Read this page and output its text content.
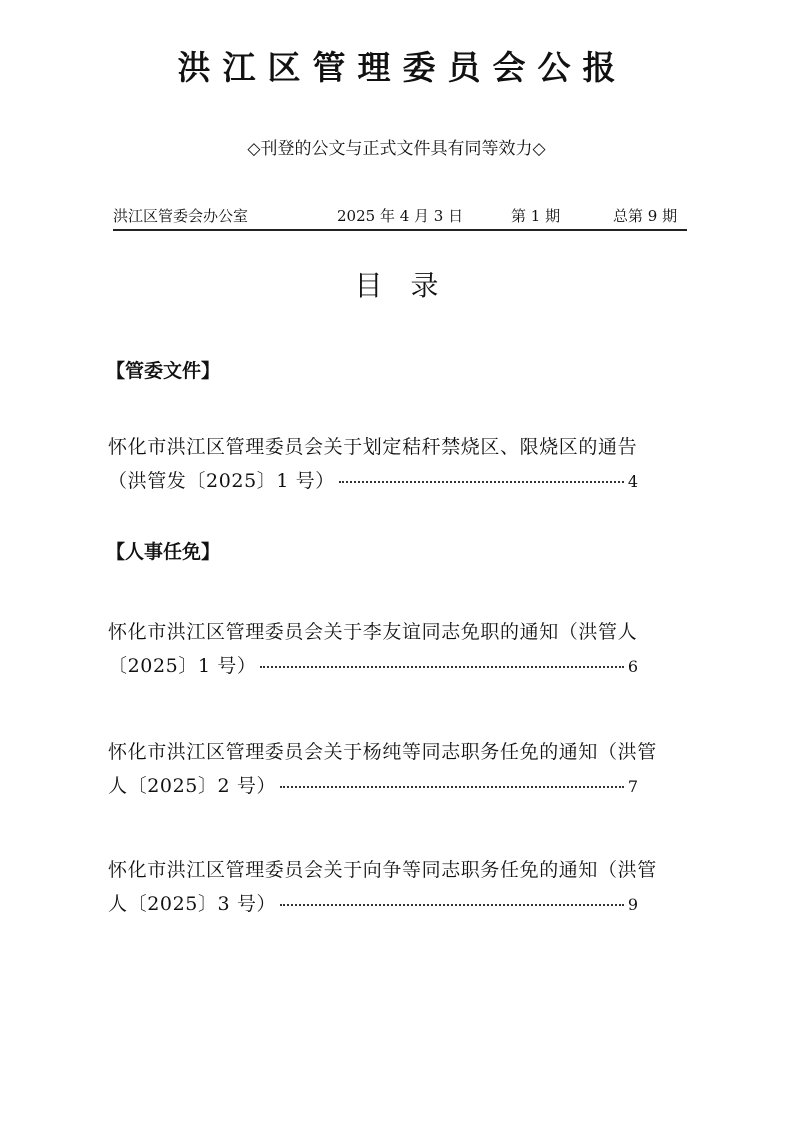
洪江区管理委员会公报
◇刊登的公文与正式文件具有同等效力◇
洪江区管委会办公室	2025 年 4 月 3 日	第 1 期	总第 9 期
目录
【管委文件】
怀化市洪江区管理委员会关于划定秸秆禁烧区、限烧区的通告
（洪管发〔2025〕1 号）	4
【人事任免】
怀化市洪江区管理委员会关于李友谊同志免职的通知（洪管人
〔2025〕1 号）	6
怀化市洪江区管理委员会关于杨纯等同志职务任免的通知（洪管
人〔2025〕2 号）	7
怀化市洪江区管理委员会关于向争等同志职务任免的通知（洪管
人〔2025〕3 号）	9
